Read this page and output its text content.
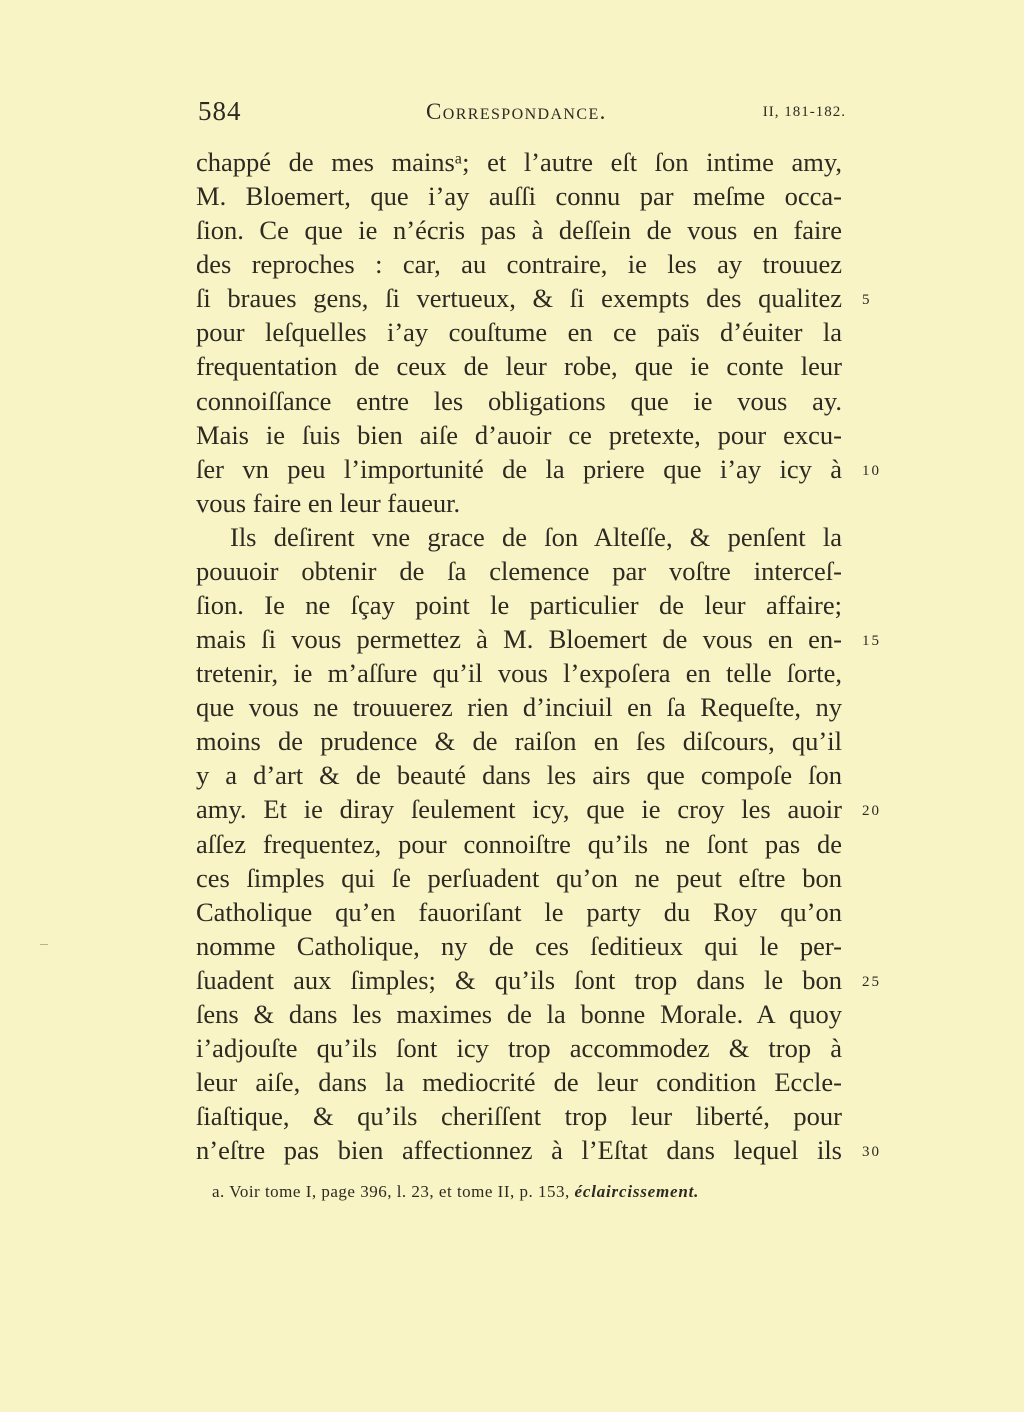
584	Correspondance.	II, 181-182.
chappé de mes mainsᵃ; et l’autre eſt ſon intime amy,
M. Bloemert, que i’ay auſſi connu par meſme occa-
ſion. Ce que ie n’écris pas à deſſein de vous en faire
des reproches : car, au contraire, ie les ay trouuez
ſi braues gens, ſi vertueux, & ſi exempts des qualitez 5
pour leſquelles i’ay couſtume en ce païs d’éuiter la
frequentation de ceux de leur robe, que ie conte leur
connoiſſance entre les obligations que ie vous ay.
Mais ie ſuis bien aiſe d’auoir ce pretexte, pour excu-
ſer vn peu l’importunité de la priere que i’ay icy à 10
vous faire en leur faueur.
Ils deſirent vne grace de ſon Alteſſe, & penſent la
pouuoir obtenir de ſa clemence par voſtre interceſ-
ſion. Ie ne ſçay point le particulier de leur affaire;
mais ſi vous permettez à M. Bloemert de vous en en- 15
tretenir, ie m’aſſure qu’il vous l’expoſera en telle ſorte,
que vous ne trouuerez rien d’inciuil en ſa Requeſte, ny
moins de prudence & de raiſon en ſes diſcours, qu’il
y a d’art & de beauté dans les airs que compoſe ſon
amy. Et ie diray ſeulement icy, que ie croy les auoir 20
aſſez frequentez, pour connoiſtre qu’ils ne ſont pas de
ces ſimples qui ſe perſuadent qu’on ne peut eſtre bon
Catholique qu’en fauoriſant le party du Roy qu’on
nomme Catholique, ny de ces ſeditieux qui le per-
ſuadent aux ſimples; & qu’ils ſont trop dans le bon 25
ſens & dans les maximes de la bonne Morale. A quoy
i’adjouſte qu’ils ſont icy trop accommodez & trop à
leur aiſe, dans la mediocrité de leur condition Eccle-
ſiaſtique, & qu’ils cheriſſent trop leur liberté, pour
n’eſtre pas bien affectionnez à l’Eſtat dans lequel ils 30
a. Voir tome I, page 396, l. 23, et tome II, p. 153, éclaircissement.
